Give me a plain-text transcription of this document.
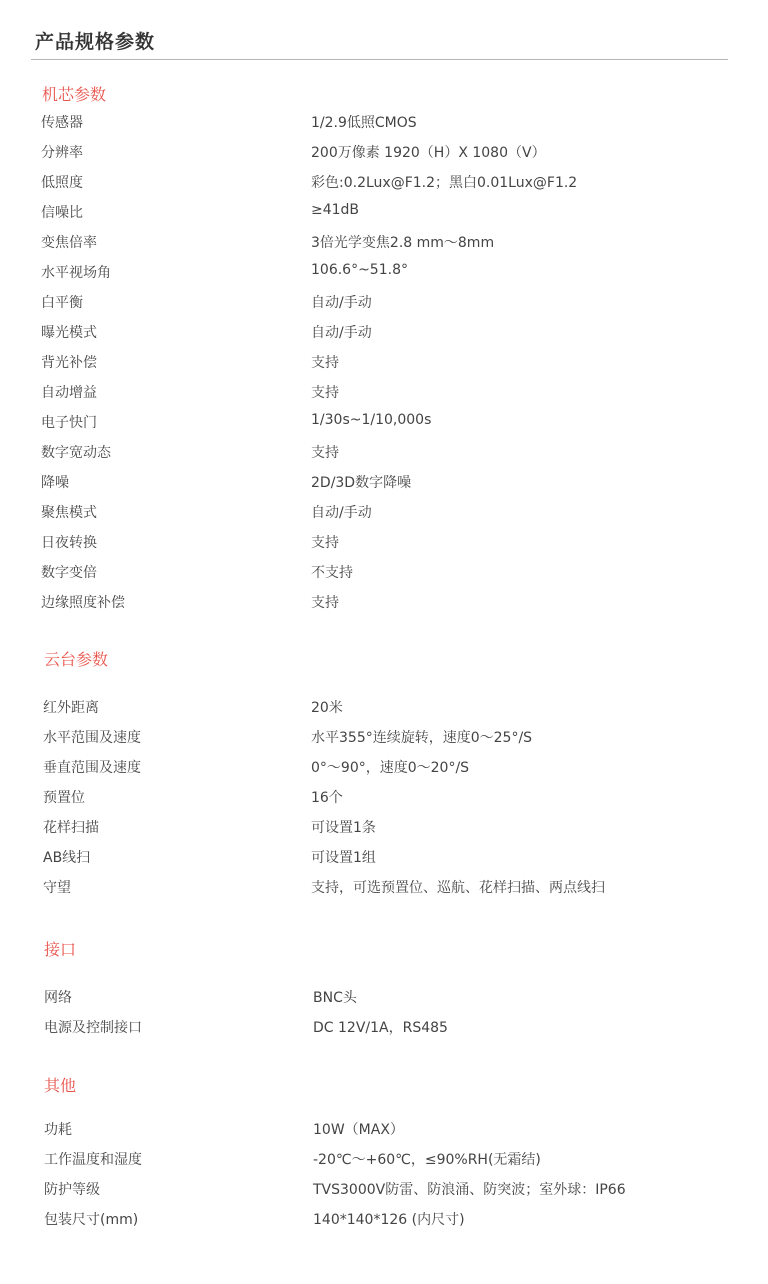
产品规格参数
机芯参数
传感器	1/2.9低照CMOS
分辨率	200万像素 1920（H）X 1080（V）
低照度	彩色:0.2Lux@F1.2；黑白0.01Lux@F1.2
信噪比	≥41dB
变焦倍率	3倍光学变焦2.8 mm～8mm
水平视场角	106.6°~51.8°
白平衡	自动/手动
曝光模式	自动/手动
背光补偿	支持
自动增益	支持
电子快门	1/30s~1/10,000s
数字宽动态	支持
降噪	2D/3D数字降噪
聚焦模式	自动/手动
日夜转换	支持
数字变倍	不支持
边缘照度补偿	支持
云台参数
红外距离	20米
水平范围及速度	水平355°连续旋转，速度0～25°/S
垂直范围及速度	0°～90°，速度0～20°/S
预置位	16个
花样扫描	可设置1条
AB线扫	可设置1组
守望	支持，可选预置位、巡航、花样扫描、两点线扫
接口
网络	BNC头
电源及控制接口	DC 12V/1A，RS485
其他
功耗	10W（MAX）
工作温度和湿度	-20℃～+60℃，≤90%RH(无霜结)
防护等级	TVS3000V防雷、防浪涌、防突波；室外球：IP66
包装尺寸(mm)	140*140*126 (内尺寸)
